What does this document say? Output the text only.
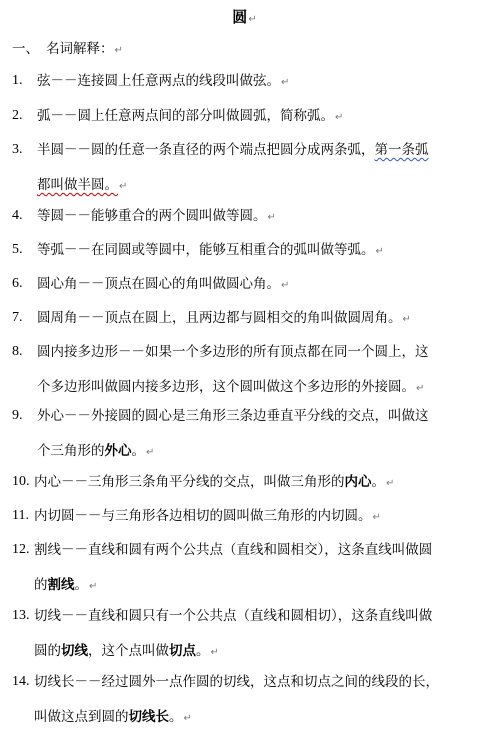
圆↵
一、 名词解释：↵
1. 弦－－连接圆上任意两点的线段叫做弦。↵
2. 弧－－圆上任意两点间的部分叫做圆弧，简称弧。↵
3. 半圆－－圆的任意一条直径的两个端点把圆分成两条弧，第一条弧
都叫做半圆。↵
4. 等圆－－能够重合的两个圆叫做等圆。↵
5. 等弧－－在同圆或等圆中，能够互相重合的弧叫做等弧。↵
6. 圆心角－－顶点在圆心的角叫做圆心角。↵
7. 圆周角－－顶点在圆上，且两边都与圆相交的角叫做圆周角。↵
8. 圆内接多边形－－如果一个多边形的所有顶点都在同一个圆上，这
个多边形叫做圆内接多边形，这个圆叫做这个多边形的外接圆。↵
9. 外心－－外接圆的圆心是三角形三条边垂直平分线的交点，叫做这
个三角形的外心。↵
10. 内心－－三角形三条角平分线的交点，叫做三角形的内心。↵
11. 内切圆－－与三角形各边相切的圆叫做三角形的内切圆。↵
12. 割线－－直线和圆有两个公共点（直线和圆相交），这条直线叫做圆
的割线。↵
13. 切线－－直线和圆只有一个公共点（直线和圆相切），这条直线叫做
圆的切线，这个点叫做切点。↵
14. 切线长－－经过圆外一点作圆的切线，这点和切点之间的线段的长，
叫做这点到圆的切线长。↵
